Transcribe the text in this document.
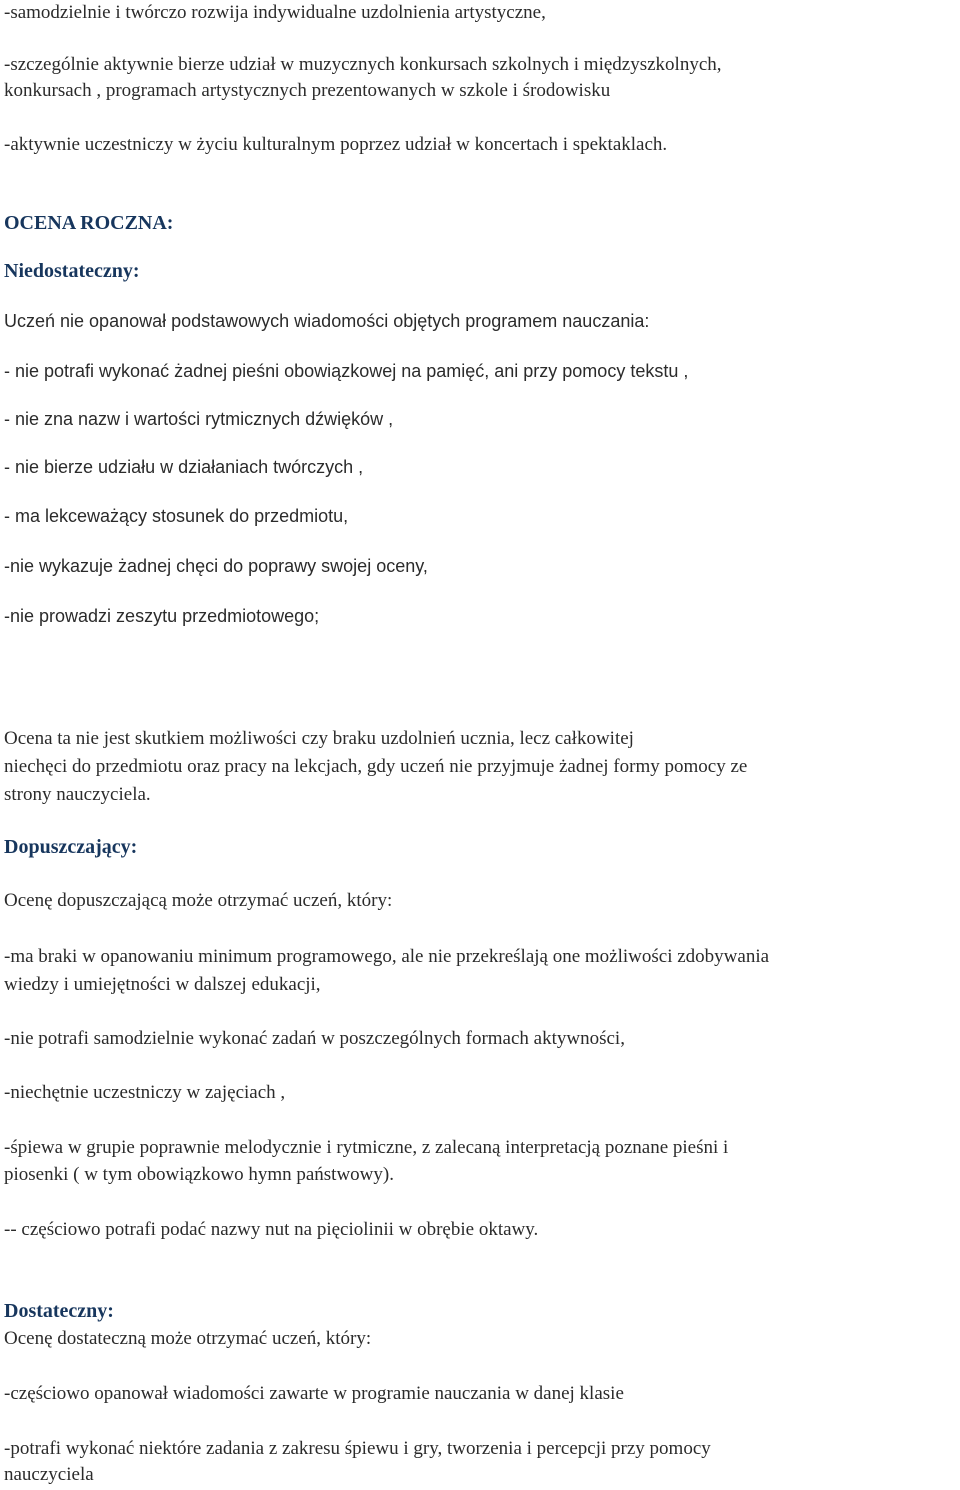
-samodzielnie i twórczo rozwija indywidualne uzdolnienia artystyczne,
-szczególnie aktywnie bierze udział w muzycznych konkursach szkolnych i międzyszkolnych,
konkursach , programach artystycznych prezentowanych w szkole i środowisku
-aktywnie uczestniczy w życiu kulturalnym poprzez udział w koncertach i spektaklach.
OCENA ROCZNA:
Niedostateczny:
Uczeń nie opanował podstawowych wiadomości objętych programem nauczania:
- nie potrafi wykonać żadnej pieśni obowiązkowej na pamięć, ani przy pomocy tekstu ,
- nie zna nazw i wartości rytmicznych dźwięków ,
- nie bierze udziału w działaniach twórczych ,
- ma lekceważący stosunek do przedmiotu,
-nie wykazuje żadnej chęci do poprawy swojej oceny,
-nie prowadzi zeszytu przedmiotowego;
Ocena ta nie jest skutkiem możliwości czy braku uzdolnień ucznia, lecz całkowitej
niechęci do przedmiotu oraz pracy na lekcjach, gdy uczeń nie przyjmuje żadnej formy pomocy ze
strony nauczyciela.
Dopuszczający:
Ocenę dopuszczającą może otrzymać uczeń, który:
-ma braki w opanowaniu minimum programowego, ale nie przekreślają one możliwości zdobywania
wiedzy i umiejętności w dalszej edukacji,
-nie potrafi samodzielnie wykonać zadań w poszczególnych formach aktywności,
-niechętnie uczestniczy w zajęciach ,
-śpiewa w grupie poprawnie melodycznie i rytmiczne, z zalecaną interpretacją poznane pieśni i
piosenki ( w tym obowiązkowo hymn państwowy).
-- częściowo potrafi podać nazwy nut na pięciolinii w obrębie oktawy.
Dostateczny:
Ocenę dostateczną może otrzymać uczeń, który:
-częściowo opanował wiadomości zawarte w programie nauczania w danej klasie
-potrafi wykonać niektóre zadania z zakresu śpiewu i gry, tworzenia i percepcji przy pomocy
nauczyciela
